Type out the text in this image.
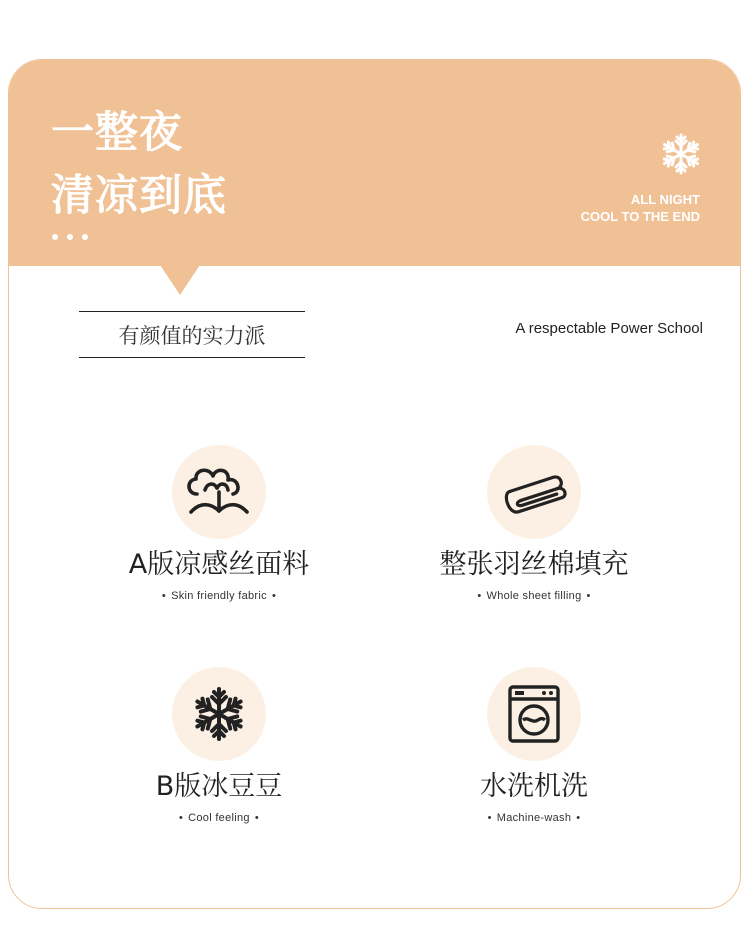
一整夜
清凉到底	ALL NIGHT
COOL TO THE END
有颜值的实力派	A respectable Power School
A版凉感丝面料
• Skin friendly fabric •
整张羽丝棉填充
• Whole sheet filling •
B版冰豆豆
• Cool feeling •
水洗机洗
• Machine-wash •
